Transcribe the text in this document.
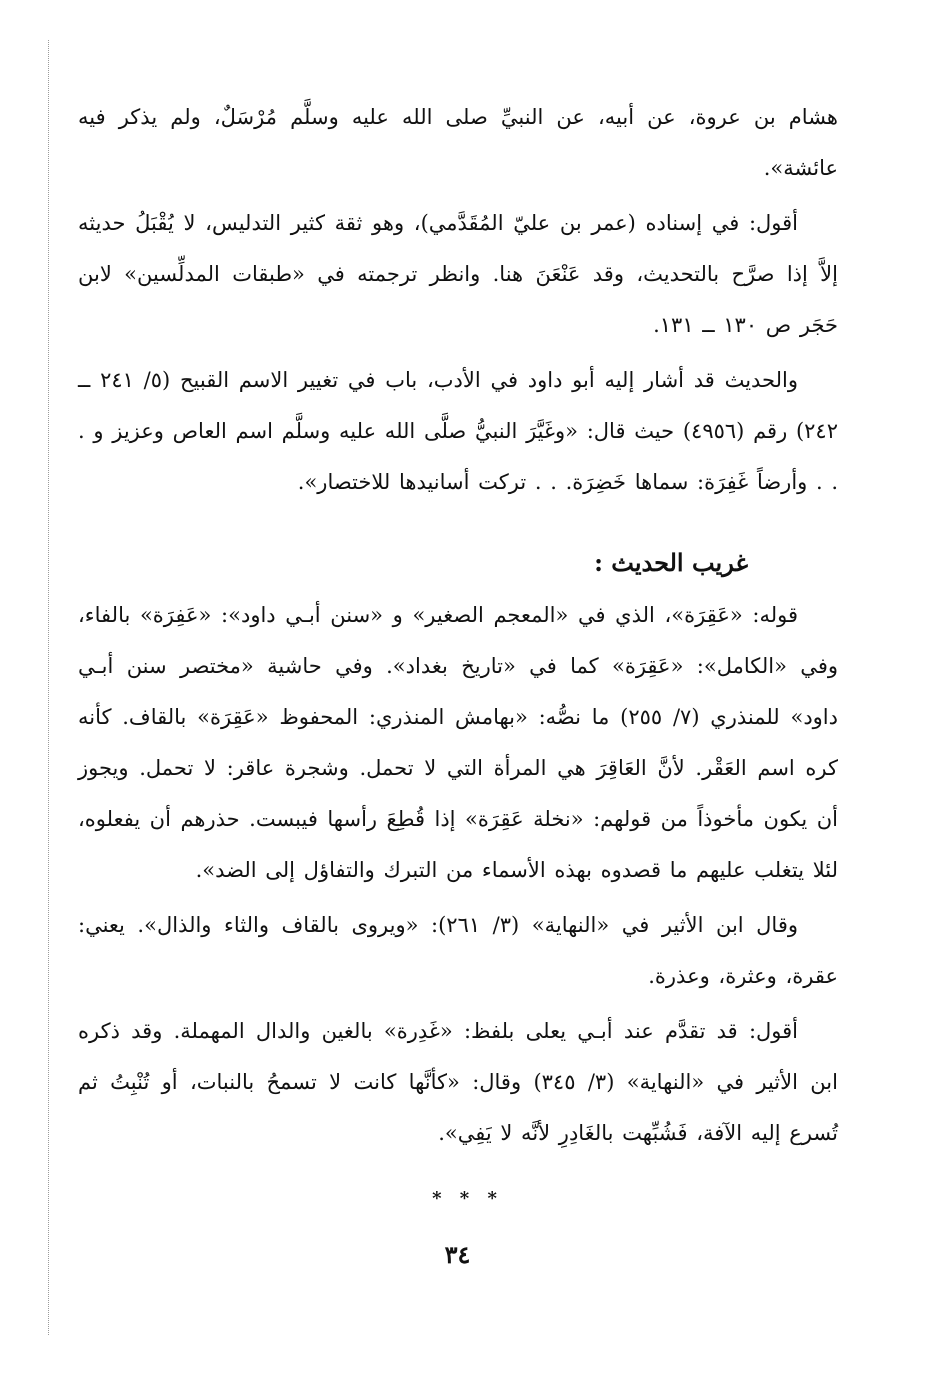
هشام بن عروة، عن أبيه، عن النبيِّ صلى الله عليه وسلَّم مُرْسَلٌ، ولم يذكر فيه عائشة».

أقول: في إسناده (عمر بن عليّ المُقَدَّمي)، وهو ثقة كثير التدليس، لا يُقْبَلُ حديثه إلاَّ إذا صرَّح بالتحديث، وقد عَنْعَنَ هنا. وانظر ترجمته في «طبقات المدلِّسين» لابن حَجَر ص ١٣٠ ــ ١٣١.

والحديث قد أشار إليه أبو داود في الأدب، باب في تغيير الاسم القبيح (٥/ ٢٤١ ــ ٢٤٢) رقم (٤٩٥٦) حيث قال: «وغَيَّرَ النبيُّ صلَّى الله عليه وسلَّم اسم العاص وعزيز و . . . وأرضاً غَفِرَة: سماها خَضِرَة. . . تركت أسانيدها للاختصار».

غريب الحديث :

قوله: «عَقِرَة»، الذي في «المعجم الصغير» و «سنن أبـي داود»: «عَفِرَة» بالفاء، وفي «الكامل»: «عَقِرَة» كما في «تاريخ بغداد». وفي حاشية «مختصر سنن أبـي داود» للمنذري (٧/ ٢٥٥) ما نصُّه: «بهامش المنذري: المحفوظ «عَقِرَة» بالقاف. كأنه كره اسم العَقْر. لأنَّ العَاقِرَ هي المرأة التي لا تحمل. وشجرة عاقر: لا تحمل. ويجوز أن يكون مأخوذاً من قولهم: «نخلة عَقِرَة» إذا قُطِعَ رأسها فيبست. حذرهم أن يفعلوه، لئلا يتغلب عليهم ما قصدوه بهذه الأسماء من التبرك والتفاؤل إلى الضد».

وقال ابن الأثير في «النهاية» (٣/ ٢٦١): «ويروى بالقاف والثاء والذال». يعني: عقرة، وعثرة، وعذرة.

أقول: قد تقدَّم عند أبـي يعلى بلفظ: «غَدِرة» بالغين والدال المهملة. وقد ذكره ابن الأثير في «النهاية» (٣/ ٣٤٥) وقال: «كأنَّها كانت لا تسمحُ بالنبات، أو تُنْبِتُ ثم تُسرع إليه الآفة، فَشُبِّهت بالغَادِرِ لأنَّه لا يَفِي».

* * *
٣٤
